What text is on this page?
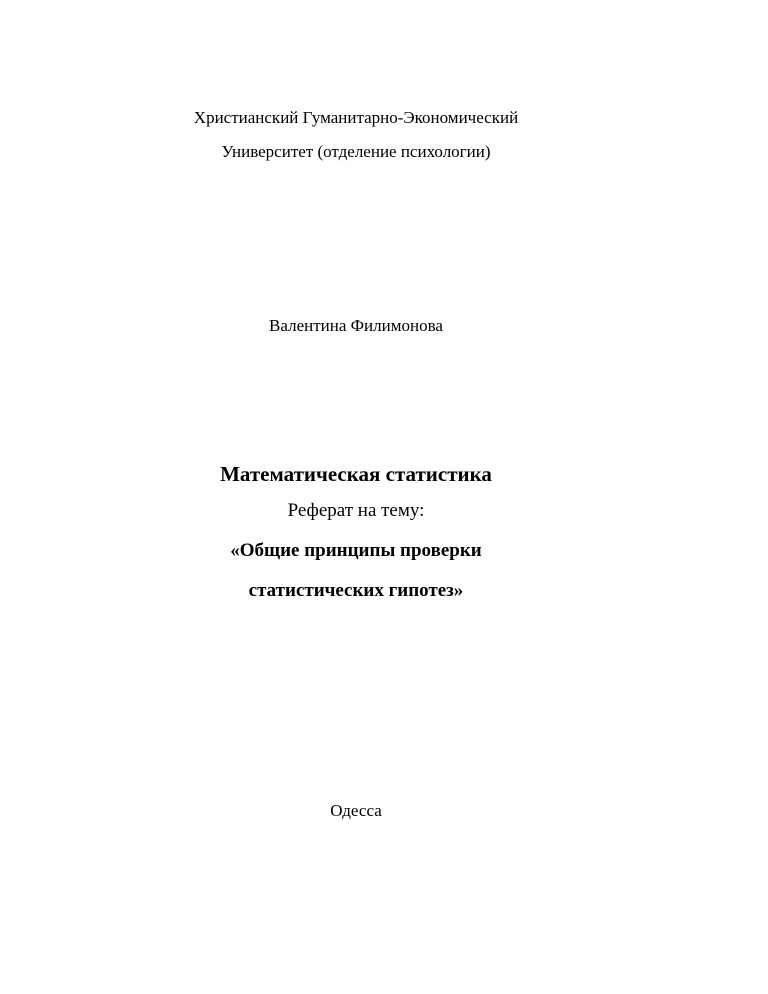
Христианский Гуманитарно-Экономический
Университет (отделение психологии)
Валентина Филимонова
Математическая статистика
Реферат на тему:
«Общие принципы проверки
статистических гипотез»
Одесса
